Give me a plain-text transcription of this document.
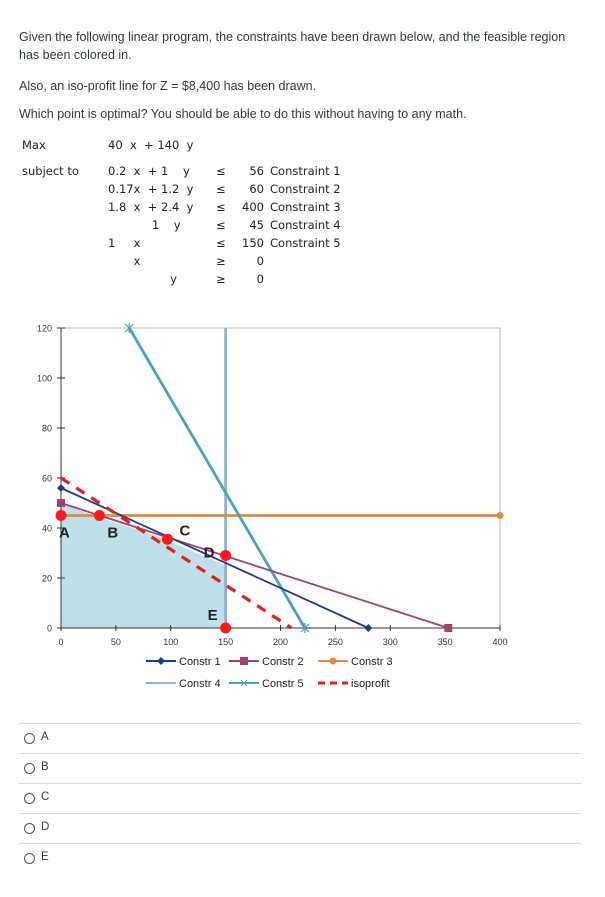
Given the following linear program, the constraints have been drawn below, and the feasible region has been colored in.
Also, an iso-profit line for Z = $8,400 has been drawn.
Which point is optimal? You should be able to do this without having to any math.
Max	40  x  + 140  y
subject to	0.2  x  + 1    y ≤	56 Constraint 1
0.17x  + 1.2  y ≤	60 Constraint 2
1.8  x  + 2.4  y ≤	400 Constraint 3
1    y	≤	45 Constraint 4
1     x	≤	150 Constraint 5
x	≥	0
y	≥	0
0
20
40
60
80
100
120
0	50	100	150	200	250	300	350	400
A	B	C
D
E
Constr 1	Constr 2	Constr 3
Constr 4	Constr 5	isoprofit
A
B
C
D
E
